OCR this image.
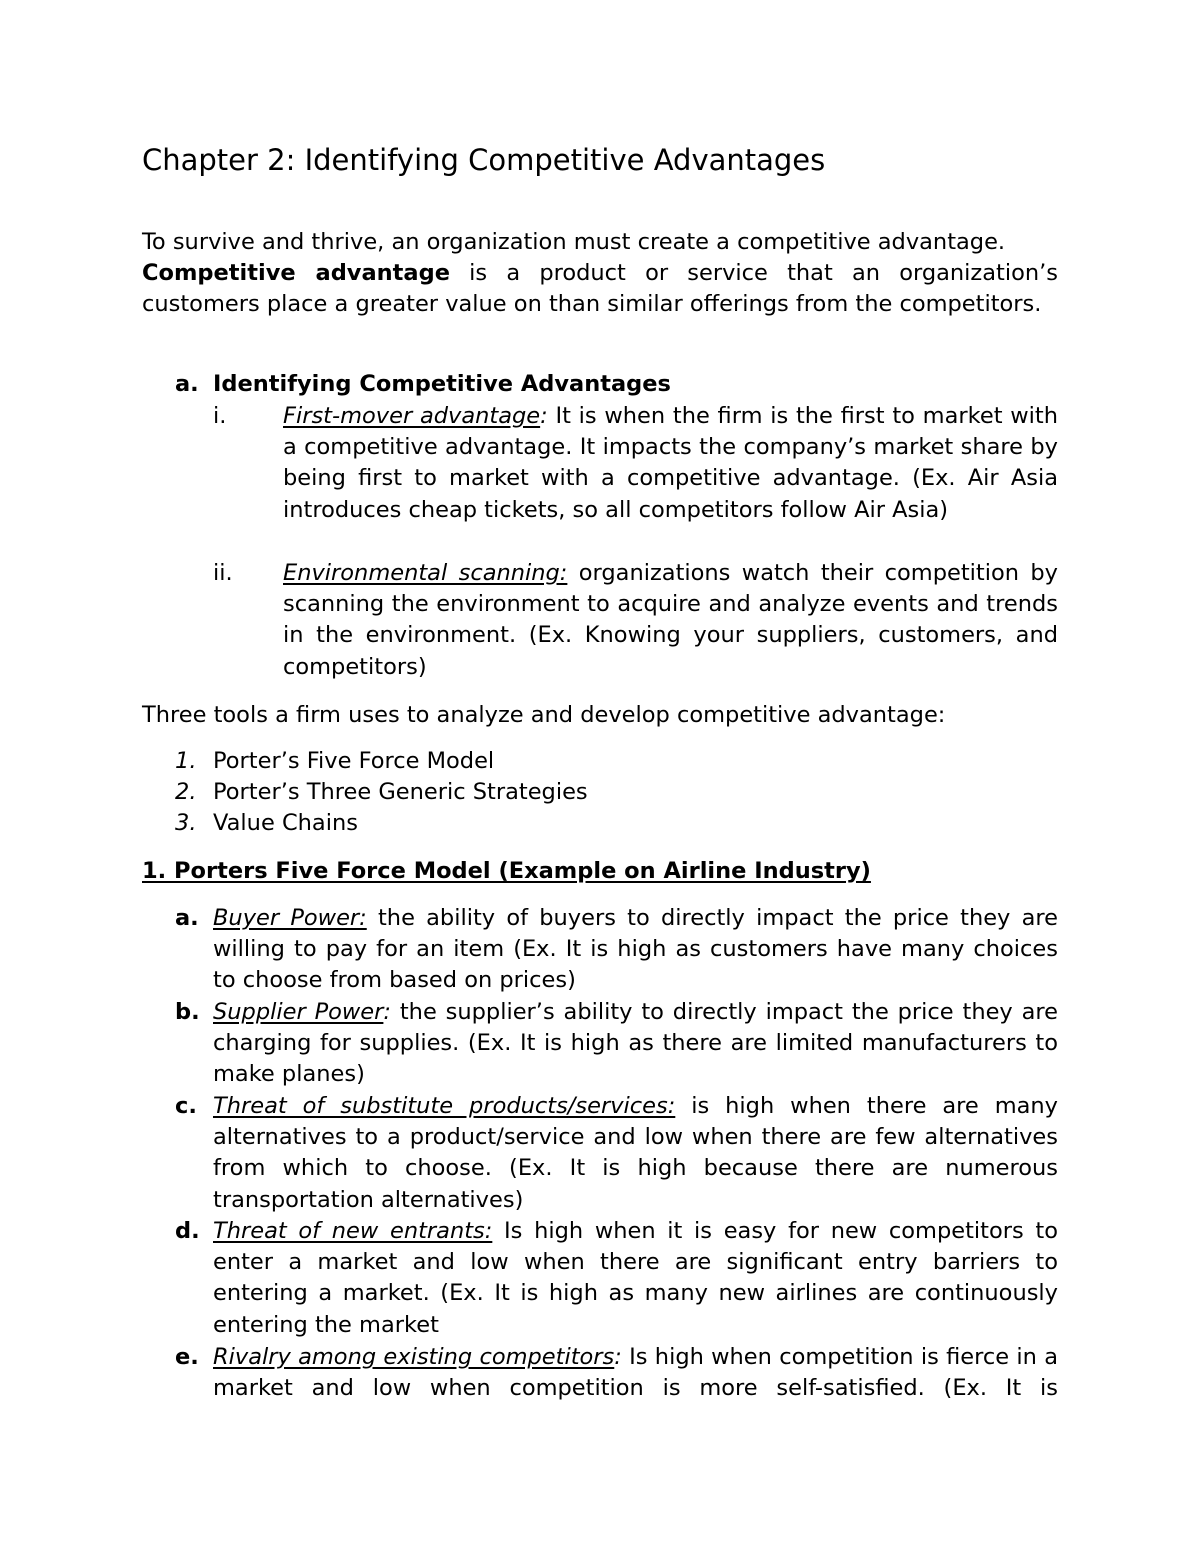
Chapter 2: Identifying Competitive Advantages
To survive and thrive, an organization must create a competitive advantage.
Competitive advantage is a product or service that an organization’s customers place a greater value on than similar offerings from the competitors.
a. Identifying Competitive Advantages
i.	First-mover advantage: It is when the firm is the first to market with a competitive advantage. It impacts the company’s market share by being first to market with a competitive advantage. (Ex. Air Asia introduces cheap tickets, so all competitors follow Air Asia)
ii. Environmental scanning: organizations watch their competition by scanning the environment to acquire and analyze events and trends in the environment. (Ex. Knowing your suppliers, customers, and competitors)
Three tools a firm uses to analyze and develop competitive advantage:
1. Porter’s Five Force Model
2. Porter’s Three Generic Strategies
3. Value Chains
1. Porters Five Force Model (Example on Airline Industry)
a. Buyer Power: the ability of buyers to directly impact the price they are willing to pay for an item (Ex. It is high as customers have many choices to choose from based on prices)
b. Supplier Power: the supplier’s ability to directly impact the price they are charging for supplies. (Ex. It is high as there are limited manufacturers to make planes)
c. Threat of substitute products/services: is high when there are many alternatives to a product/service and low when there are few alternatives from which to choose. (Ex. It is high because there are numerous transportation alternatives)
d. Threat of new entrants: Is high when it is easy for new competitors to enter a market and low when there are significant entry barriers to entering a market. (Ex. It is high as many new airlines are continuously entering the market
e. Rivalry among existing competitors: Is high when competition is fierce in a market and low when competition is more self-satisfied. (Ex. It is
